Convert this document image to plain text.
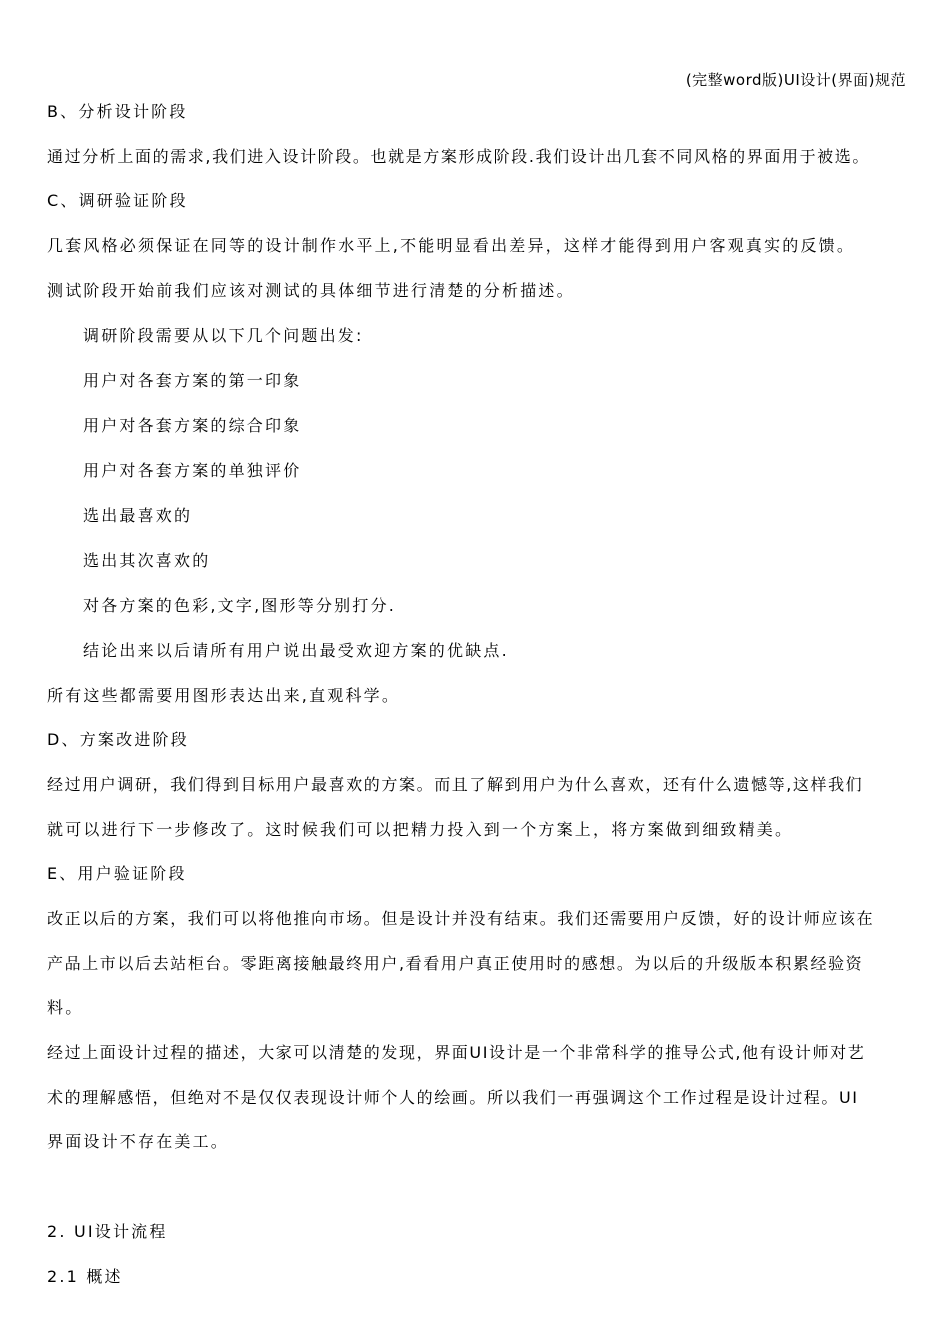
(完整word版)UI设计(界面)规范
B、分析设计阶段
通过分析上面的需求,我们进入设计阶段。也就是方案形成阶段.我们设计出几套不同风格的界面用于被选。
C、调研验证阶段
几套风格必须保证在同等的设计制作水平上,不能明显看出差异，这样才能得到用户客观真实的反馈。
测试阶段开始前我们应该对测试的具体细节进行清楚的分析描述。
调研阶段需要从以下几个问题出发:
用户对各套方案的第一印象
用户对各套方案的综合印象
用户对各套方案的单独评价
选出最喜欢的
选出其次喜欢的
对各方案的色彩,文字,图形等分别打分.
结论出来以后请所有用户说出最受欢迎方案的优缺点.
所有这些都需要用图形表达出来,直观科学。
D、方案改进阶段
经过用户调研，我们得到目标用户最喜欢的方案。而且了解到用户为什么喜欢，还有什么遗憾等,这样我们
就可以进行下一步修改了。这时候我们可以把精力投入到一个方案上，将方案做到细致精美。
E、用户验证阶段
改正以后的方案，我们可以将他推向市场。但是设计并没有结束。我们还需要用户反馈，好的设计师应该在
产品上市以后去站柜台。零距离接触最终用户,看看用户真正使用时的感想。为以后的升级版本积累经验资
料。
经过上面设计过程的描述，大家可以清楚的发现，界面UI设计是一个非常科学的推导公式,他有设计师对艺
术的理解感悟，但绝对不是仅仅表现设计师个人的绘画。所以我们一再强调这个工作过程是设计过程。UI
界面设计不存在美工。
2. UI设计流程
2.1 概述
